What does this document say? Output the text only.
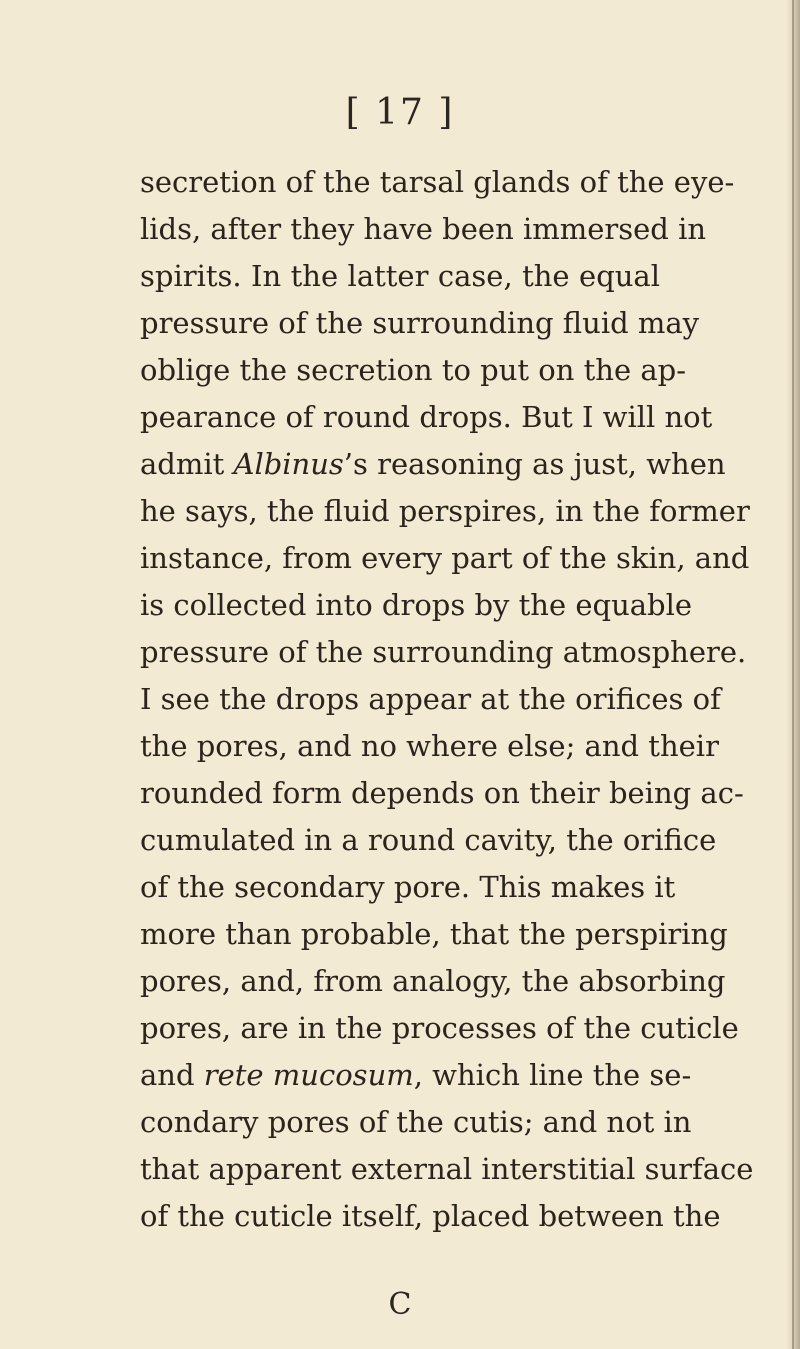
[ 17 ]
secretion of the tarsal glands of the eye-
lids, after they have been immersed in
spirits. In the latter case, the equal
pressure of the surrounding fluid may
oblige the secretion to put on the ap-
pearance of round drops. But I will not
admit Albinus’s reasoning as just, when
he says, the fluid perspires, in the former
instance, from every part of the skin, and
is collected into drops by the equable
pressure of the surrounding atmosphere.
I see the drops appear at the orifices of
the pores, and no where else; and their
rounded form depends on their being ac-
cumulated in a round cavity, the orifice
of the secondary pore. This makes it
more than probable, that the perspiring
pores, and, from analogy, the absorbing
pores, are in the processes of the cuticle
and rete mucosum, which line the se-
condary pores of the cutis; and not in
that apparent external interstitial surface
of the cuticle itself, placed between the
C
